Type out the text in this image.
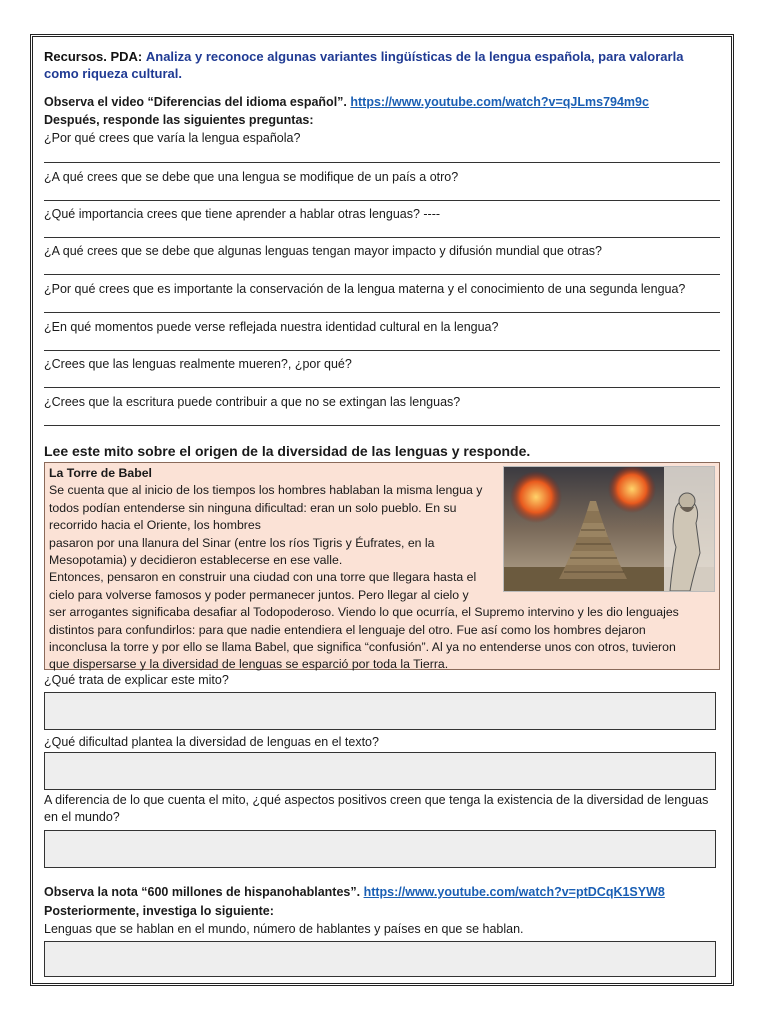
Recursos. PDA: Analiza y reconoce algunas variantes lingüísticas de la lengua española, para valorarla como riqueza cultural.
Observa el video “Diferencias del idioma español”. https://www.youtube.com/watch?v=qJLms794m9c
Después, responde las siguientes preguntas:
¿Por qué crees que varía la lengua española?
¿A qué crees que se debe que una lengua se modifique de un país a otro?
¿Qué importancia crees que tiene aprender a hablar otras lenguas? ----
¿A qué crees que se debe que algunas lenguas tengan mayor impacto y difusión mundial que otras?
¿Por qué crees que es importante la conservación de la lengua materna y el conocimiento de una segunda lengua?
¿En qué momentos puede verse reflejada nuestra identidad cultural en la lengua?
¿Crees que las lenguas realmente mueren?, ¿por qué?
¿Crees que la escritura puede contribuir a que no se extingan las lenguas?
Lee este mito sobre el origen de la diversidad de las lenguas y responde.
La Torre de Babel
Se cuenta que al inicio de los tiempos los hombres hablaban la misma lengua y
todos podían entenderse sin ninguna dificultad: eran un solo pueblo. En su
recorrido hacia el Oriente, los hombres
pasaron por una llanura del Sinar (entre los ríos Tigris y Éufrates, en la
Mesopotamia) y decidieron establecerse en ese valle.
Entonces, pensaron en construir una ciudad con una torre que llegara hasta el
cielo para volverse famosos y poder permanecer juntos. Pero llegar al cielo y
ser arrogantes significaba desafiar al Todopoderoso. Viendo lo que ocurría, el Supremo intervino y les dio lenguajes
distintos para confundirlos: para que nadie entendiera el lenguaje del otro. Fue así como los hombres dejaron
inconclusa la torre y por ello se llama Babel, que significa “confusión”. Al ya no entenderse unos con otros, tuvieron
que dispersarse y la diversidad de lenguas se esparció por toda la Tierra.
¿Qué trata de explicar este mito?
¿Qué dificultad plantea la diversidad de lenguas en el texto?
A diferencia de lo que cuenta el mito, ¿qué aspectos positivos creen que tenga la existencia de la diversidad de lenguas en el mundo?
Observa la nota “600 millones de hispanohablantes”. https://www.youtube.com/watch?v=ptDCqK1SYW8
Posteriormente, investiga lo siguiente:
Lenguas que se hablan en el mundo, número de hablantes y países en que se hablan.
